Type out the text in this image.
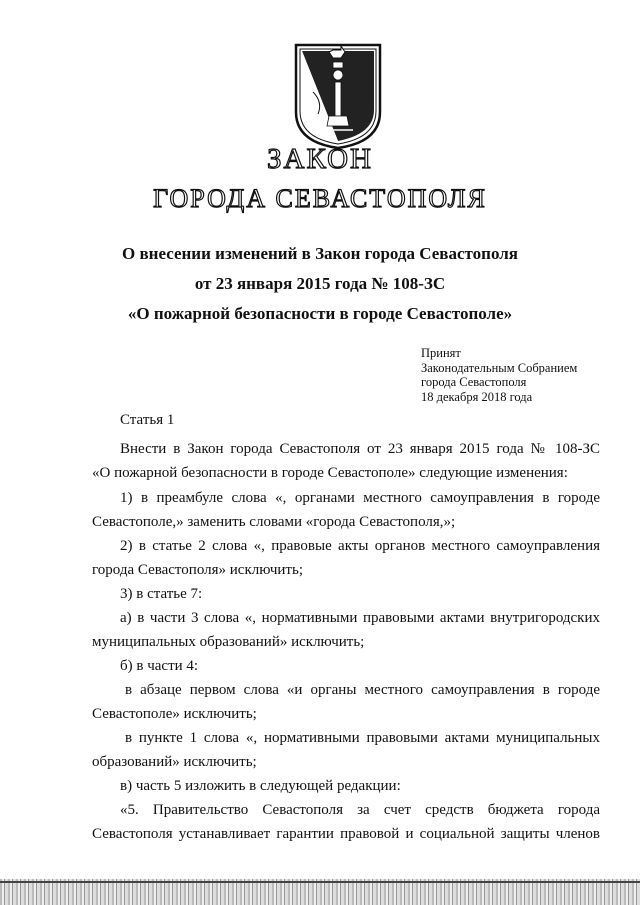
ЗАКОН
ГОРОДА СЕВАСТОПОЛЯ
О внесении изменений в Закон города Севастополя
от 23 января 2015 года № 108-ЗС
«О пожарной безопасности в городе Севастополе»
Принят
Законодательным Собранием
города Севастополя
18 декабря 2018 года
Статья 1
Внести в Закон города Севастополя от 23 января 2015 года № 108-ЗС
«О пожарной безопасности в городе Севастополе» следующие изменения:
1) в преамбуле слова «, органами местного самоуправления в городе
Севастополе,» заменить словами «города Севастополя,»;
2) в статье 2 слова «, правовые акты органов местного самоуправления
города Севастополя» исключить;
3) в статье 7:
а) в части 3 слова «, нормативными правовыми актами внутригородских
муниципальных образований» исключить;
б) в части 4:
в абзаце первом слова «и органы местного самоуправления в городе
Севастополе» исключить;
в пункте 1 слова «, нормативными правовыми актами муниципальных
образований» исключить;
в) часть 5 изложить в следующей редакции:
«5. Правительство Севастополя за счет средств бюджета города
Севастополя устанавливает гарантии правовой и социальной защиты членов
